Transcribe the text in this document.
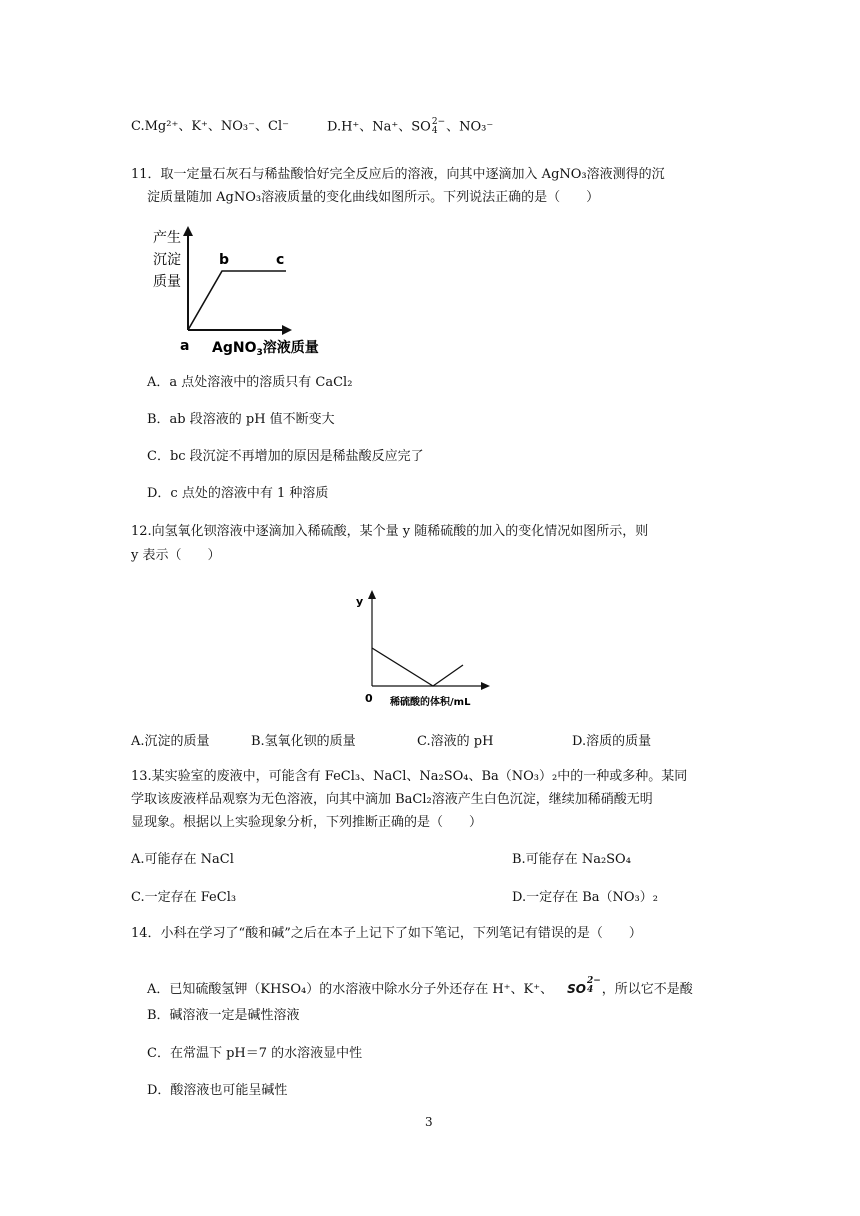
C.Mg²⁺、K⁺、NO₃⁻、Cl⁻	D.H⁺、Na⁺、SO 2−
4 、NO₃⁻
11．取一定量石灰石与稀盐酸恰好完全反应后的溶液，向其中逐滴加入 AgNO₃溶液测得的沉
淀质量随加 AgNO₃溶液质量的变化曲线如图所示。下列说法正确的是（　　）
产生
沉淀
质量
b	c
a AgNO$_3$溶液质量
A．a 点处溶液中的溶质只有 CaCl₂
B．ab 段溶液的 pH 值不断变大
C．bc 段沉淀不再增加的原因是稀盐酸反应完了
D．c 点处的溶液中有 1 种溶质
12.向氢氧化钡溶液中逐滴加入稀硫酸，某个量 y 随稀硫酸的加入的变化情况如图所示，则
y 表示（　　）
y
0 稀硫酸的体积/mL
A.沉淀的质量	B.氢氧化钡的质量	C.溶液的 pH	D.溶质的质量
13.某实验室的废液中，可能含有 FeCl₃、NaCl、Na₂SO₄、Ba（NO₃）₂中的一种或多种。某同
学取该废液样品观察为无色溶液，向其中滴加 BaCl₂溶液产生白色沉淀，继续加稀硝酸无明
显现象。根据以上实验现象分析，下列推断正确的是（　　）
A.可能存在 NaCl	B.可能存在 Na₂SO₄
C.一定存在 FeCl₃	D.一定存在 Ba（NO₃）₂
14．小科在学习了“酸和碱”之后在本子上记下了如下笔记，下列笔记有错误的是（　　）
A．已知硫酸氢钾（KHSO₄）的水溶液中除水分子外还存在 H⁺、K⁺、 SO
2−
4 ，所以它不是酸
B．碱溶液一定是碱性溶液
C．在常温下 pH＝7 的水溶液显中性
D．酸溶液也可能呈碱性
3
